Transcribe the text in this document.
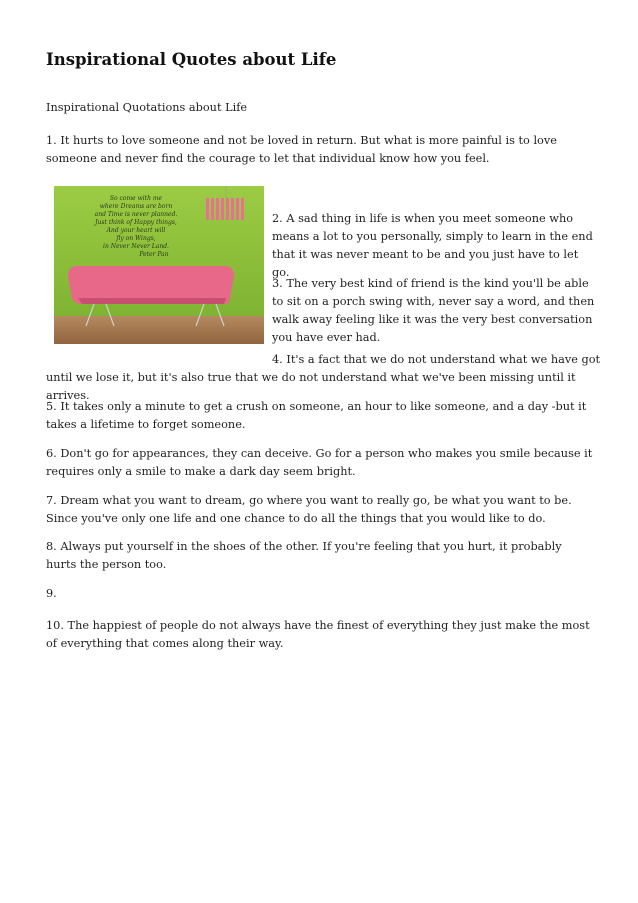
Inspirational Quotes about Life

Inspirational Quotations about Life

1. It hurts to love someone and not be loved in return. But what is more painful is to love someone and never find the courage to let that individual know how you feel.

So come with me
where Dreams are born
and Time is never planned.
Just think of Happy things,
And your heart will
fly on Wings,
in Never Never Land.
Peter Pan

2. A sad thing in life is when you meet someone who means a lot to you personally, simply to learn in the end that it was never meant to be and you just have to let go.

3. The very best kind of friend is the kind you'll be able to sit on a porch swing with, never say a word, and then walk away feeling like it was the very best conversation you have ever had.

4. It's a fact that we do not understand what we have got until we lose it, but it's also true that we do not understand what we've been missing until it arrives.

5. It takes only a minute to get a crush on someone, an hour to like someone, and a day -but it takes a lifetime to forget someone.

6. Don't go for appearances, they can deceive. Go for a person who makes you smile because it requires only a smile to make a dark day seem bright.

7. Dream what you want to dream, go where you want to really go, be what you want to be. Since you've only one life and one chance to do all the things that you would like to do.

8. Always put yourself in the shoes of the other. If you're feeling that you hurt, it probably hurts the person too.

9.

10. The happiest of people do not always have the finest of everything they just make the most of everything that comes along their way.
